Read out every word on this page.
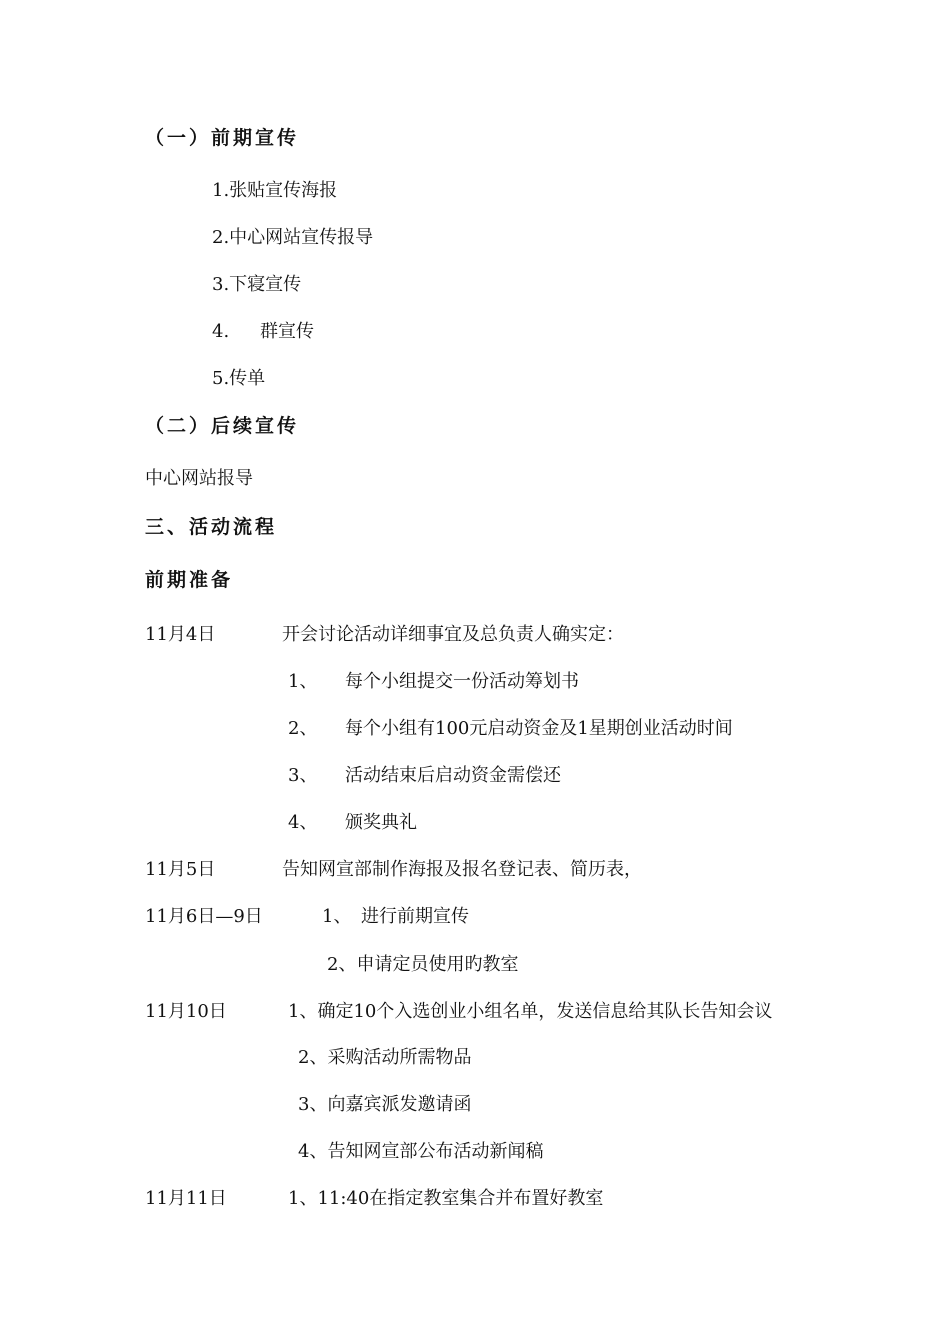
（一）前期宣传
1.张贴宣传海报
2.中心网站宣传报导
3.下寝宣传
4. 群宣传
5.传单
（二）后续宣传
中心网站报导
三、活动流程
前期准备
11月4日	开会讨论活动详细事宜及总负责人确实定：
1、 每个小组提交一份活动筹划书
2、 每个小组有100元启动资金及1星期创业活动时间
3、 活动结束后启动资金需偿还
4、 颁奖典礼
11月5日	告知网宣部制作海报及报名登记表、简历表，
11月6日—9日	1、 进行前期宣传
2、申请定员使用旳教室
11月10日	1、确定10个入选创业小组名单，发送信息给其队长告知会议
2、采购活动所需物品
3、向嘉宾派发邀请函
4、告知网宣部公布活动新闻稿
11月11日	1、11:40在指定教室集合并布置好教室
